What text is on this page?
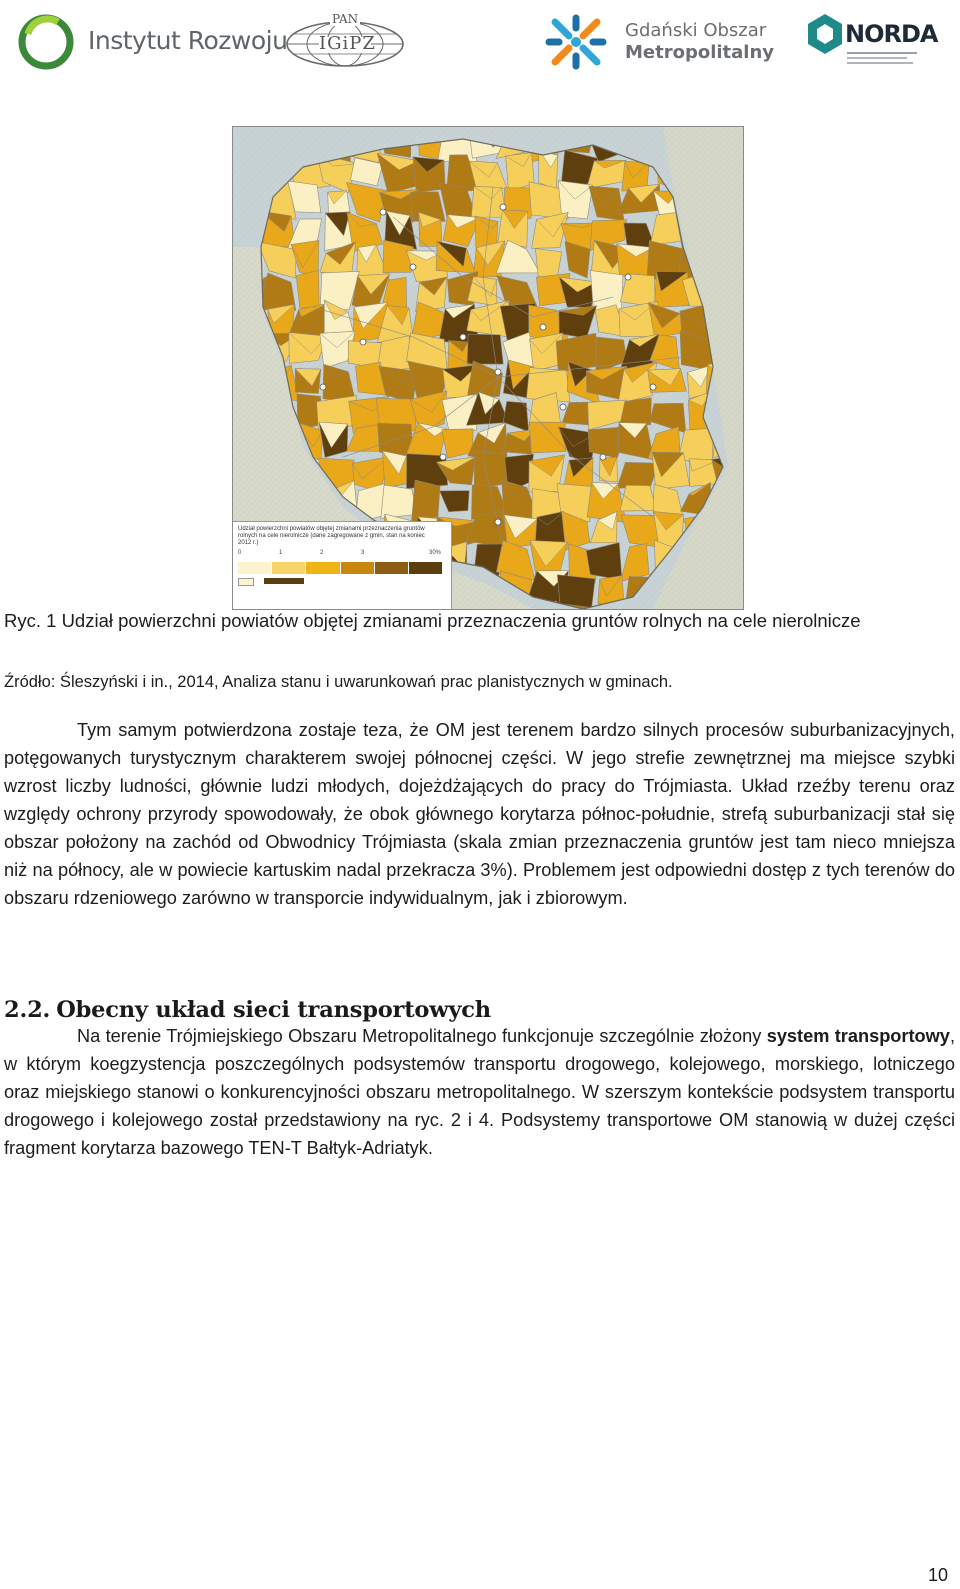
Instytut Rozwoju
PAN
IGiPZ
Gdański Obszar
Metropolitalny
NORDA
Udział powierzchni powiatów objętej zmianami przeznaczenia gruntów rolnych na cele nierolnicze (dane zagregowane z gmin, stan na koniec 2012 r.)
0	1	2	3	30%
Ryc. 1 Udział powierzchni powiatów objętej zmianami przeznaczenia gruntów rolnych na cele nierolnicze
Źródło: Śleszyński i in., 2014, Analiza stanu i uwarunkowań prac planistycznych w gminach.
Tym samym potwierdzona zostaje teza, że OM jest terenem bardzo silnych procesów suburbanizacyjnych, potęgowanych turystycznym charakterem swojej północnej części. W jego strefie zewnętrznej ma miejsce szybki wzrost liczby ludności, głównie ludzi młodych, dojeżdżających do pracy do Trójmiasta. Układ rzeźby terenu oraz względy ochrony przyrody spowodowały, że obok głównego korytarza północ-południe, strefą suburbanizacji stał się obszar położony na zachód od Obwodnicy Trójmiasta (skala zmian przeznaczenia gruntów jest tam nieco mniejsza niż na północy, ale w powiecie kartuskim nadal przekracza 3%). Problemem jest odpowiedni dostęp z tych terenów do obszaru rdzeniowego zarówno w transporcie indywidualnym, jak i zbiorowym.
2.2. Obecny układ sieci transportowych
Na terenie Trójmiejskiego Obszaru Metropolitalnego funkcjonuje szczególnie złożony system transportowy, w którym koegzystencja poszczególnych podsystemów transportu drogowego, kolejowego, morskiego, lotniczego oraz miejskiego stanowi o konkurencyjności obszaru metropolitalnego. W szerszym kontekście podsystem transportu drogowego i kolejowego został przedstawiony na ryc. 2 i 4. Podsystemy transportowe OM stanowią w dużej części fragment korytarza bazowego TEN-T Bałtyk-Adriatyk.
10
